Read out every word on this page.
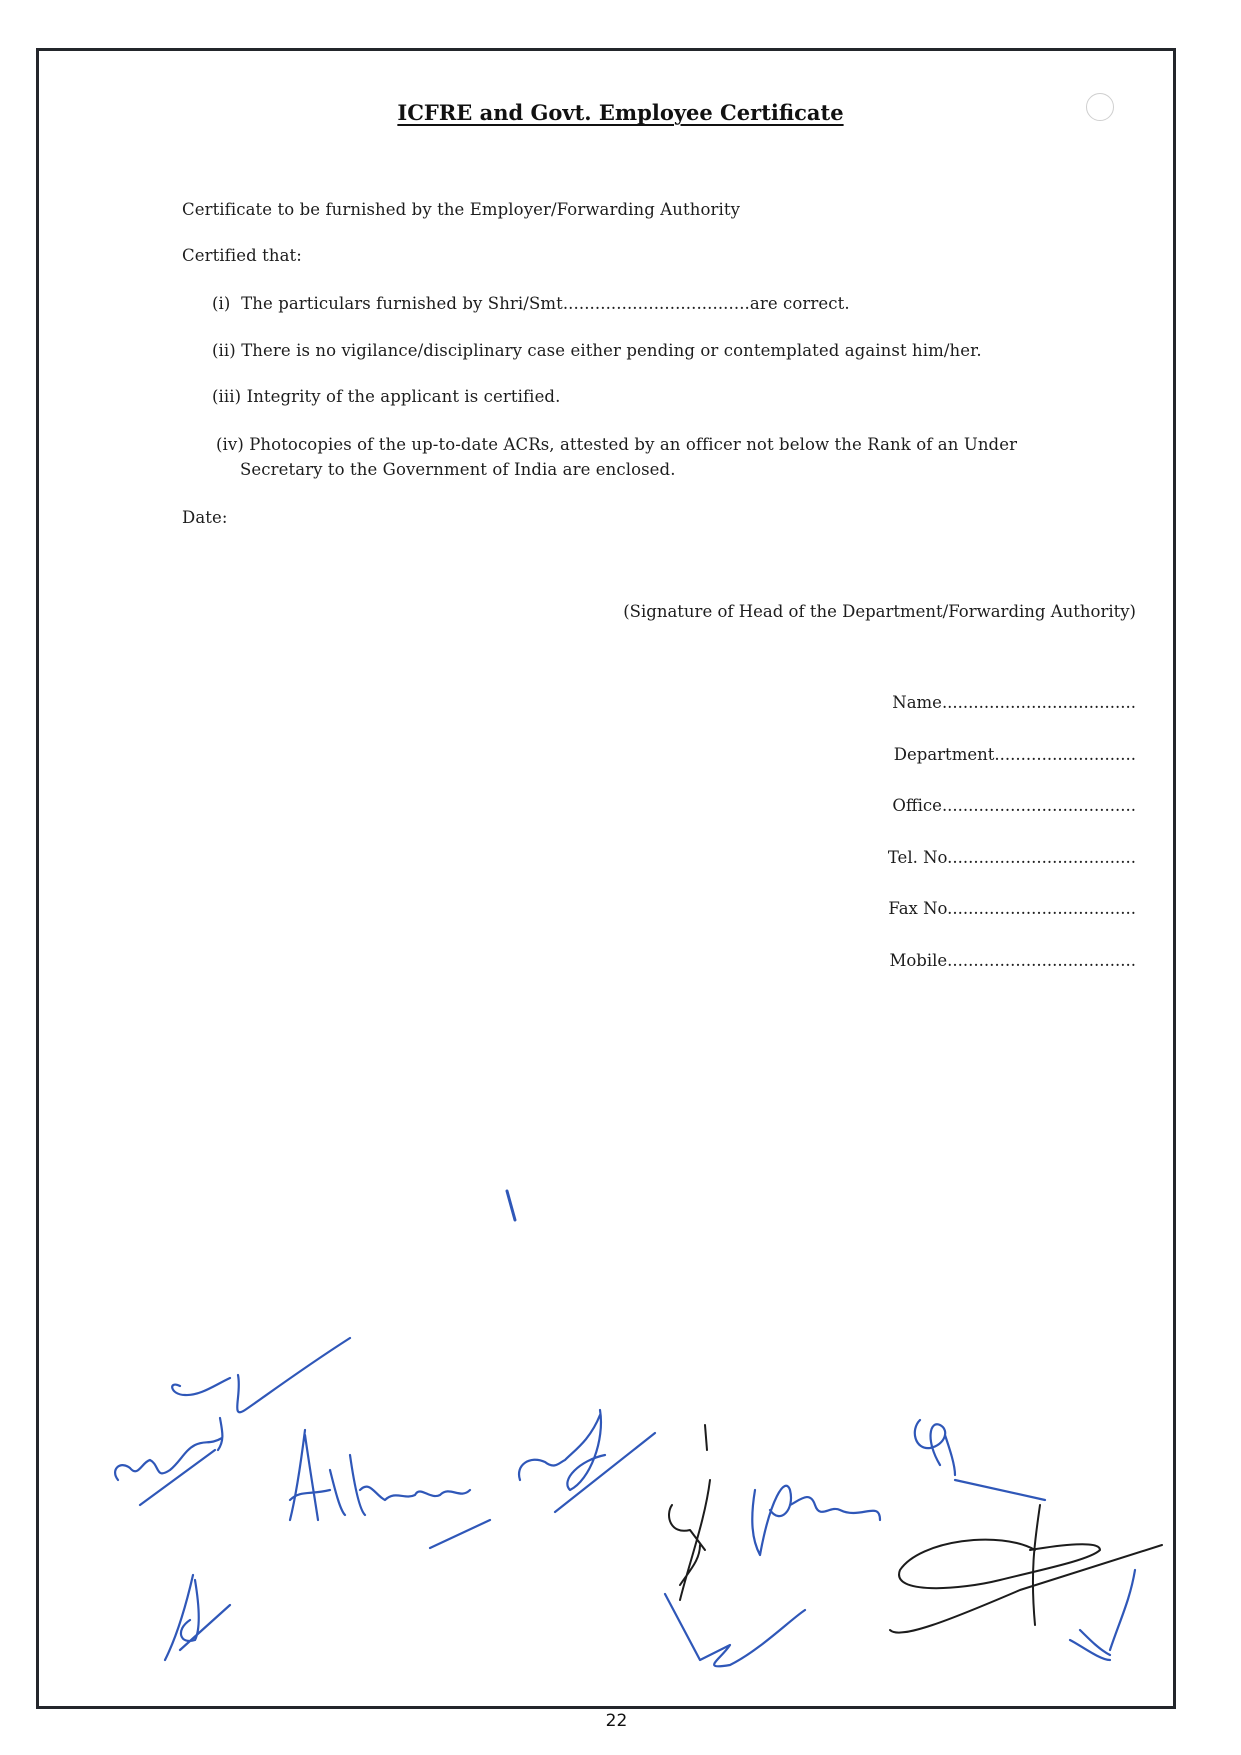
ICFRE and Govt. Employee Certificate
Certificate to be furnished by the Employer/Forwarding Authority
Certified that:
(i) The particulars furnished by Shri/Smt...................................are correct.
(ii) There is no vigilance/disciplinary case either pending or contemplated against him/her.
(iii) Integrity of the applicant is certified.
(iv) Photocopies of the up-to-date ACRs, attested by an officer not below the Rank of an Under
Secretary to the Government of India are enclosed.
Date:
(Signature of Head of the Department/Forwarding Authority)
Name.....................................
Department...........................
Office.....................................
Tel. No....................................
Fax No....................................
Mobile....................................
22
